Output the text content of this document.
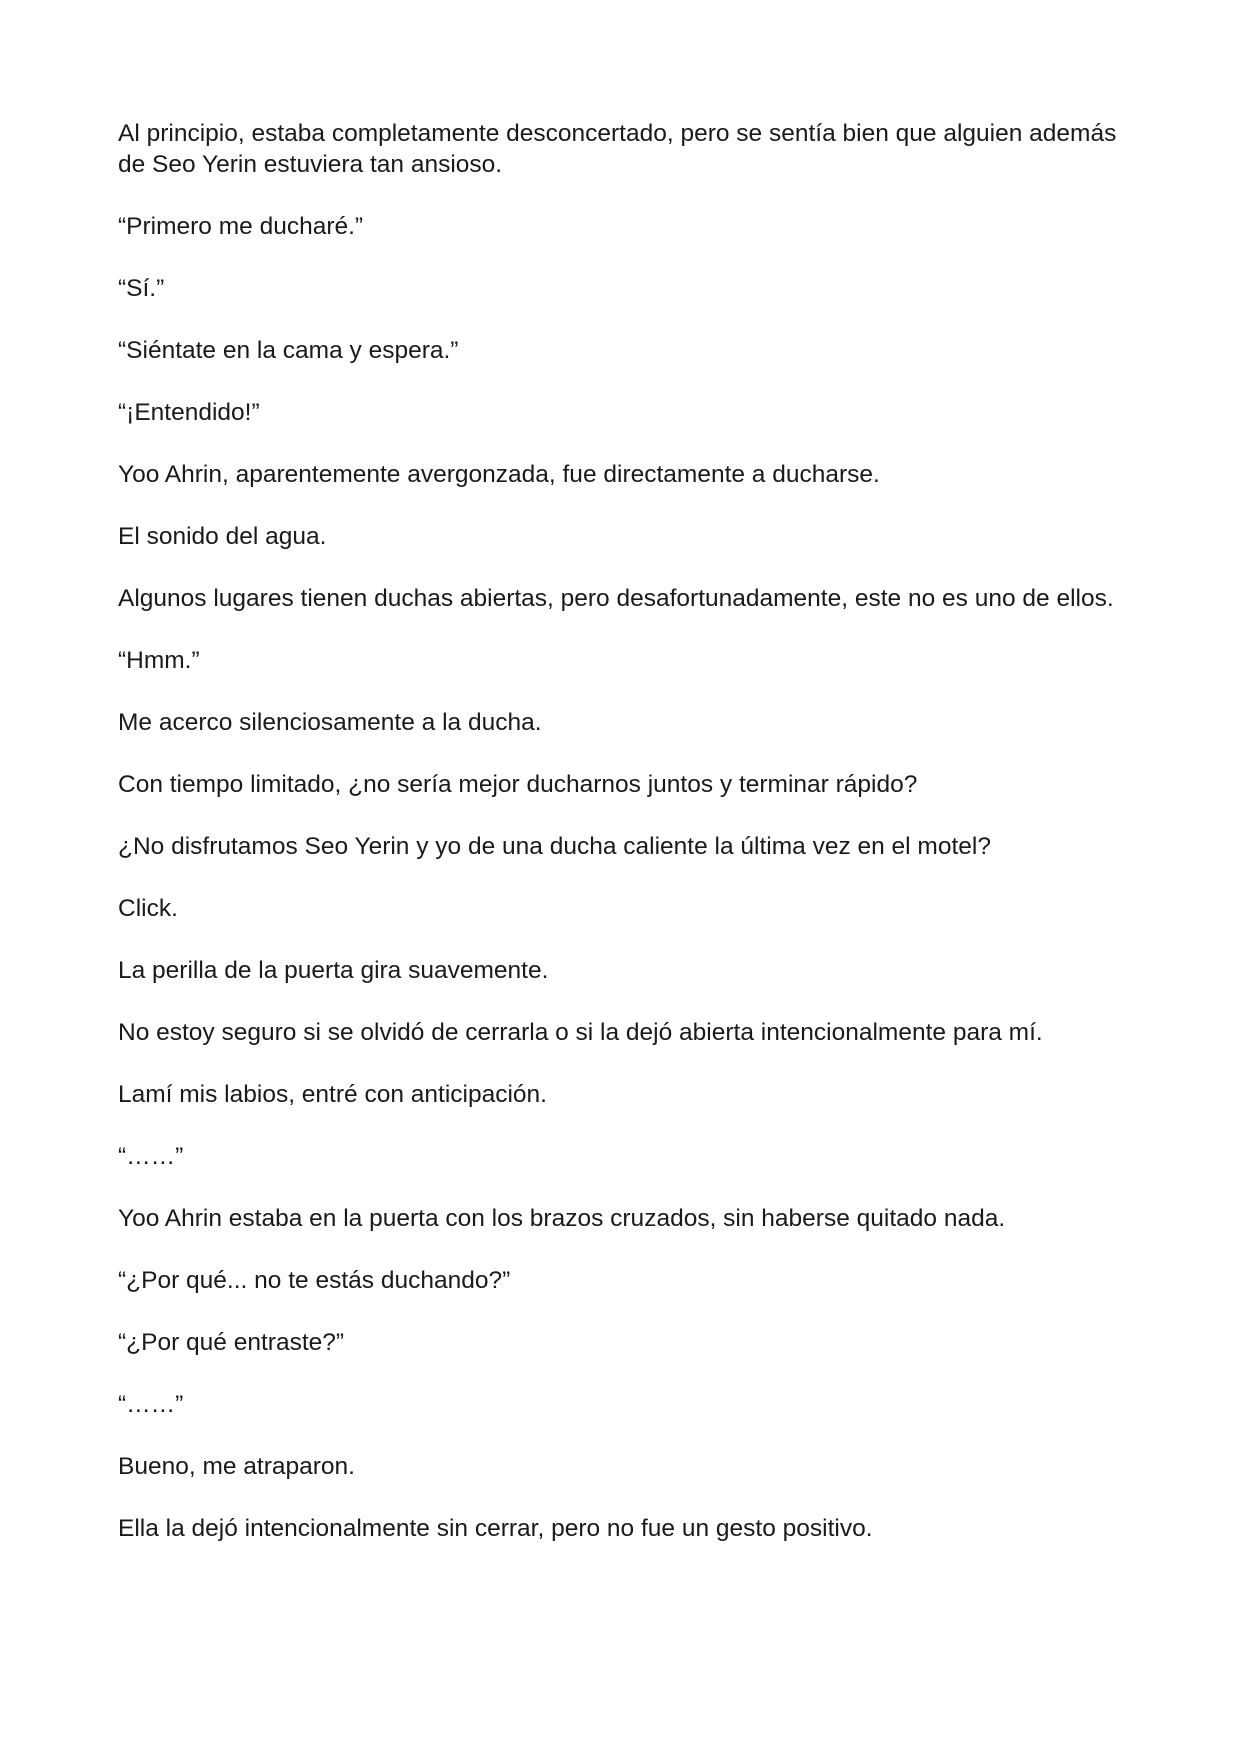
Al principio, estaba completamente desconcertado, pero se sentía bien que alguien además de Seo Yerin estuviera tan ansioso.

“Primero me ducharé.”

“Sí.”

“Siéntate en la cama y espera.”

“¡Entendido!”

Yoo Ahrin, aparentemente avergonzada, fue directamente a ducharse.

El sonido del agua.

Algunos lugares tienen duchas abiertas, pero desafortunadamente, este no es uno de ellos.

“Hmm.”

Me acerco silenciosamente a la ducha.

Con tiempo limitado, ¿no sería mejor ducharnos juntos y terminar rápido?

¿No disfrutamos Seo Yerin y yo de una ducha caliente la última vez en el motel?

Click.

La perilla de la puerta gira suavemente.

No estoy seguro si se olvidó de cerrarla o si la dejó abierta intencionalmente para mí.

Lamí mis labios, entré con anticipación.

“……”

Yoo Ahrin estaba en la puerta con los brazos cruzados, sin haberse quitado nada.

“¿Por qué... no te estás duchando?”

“¿Por qué entraste?”

“……”

Bueno, me atraparon.

Ella la dejó intencionalmente sin cerrar, pero no fue un gesto positivo.
